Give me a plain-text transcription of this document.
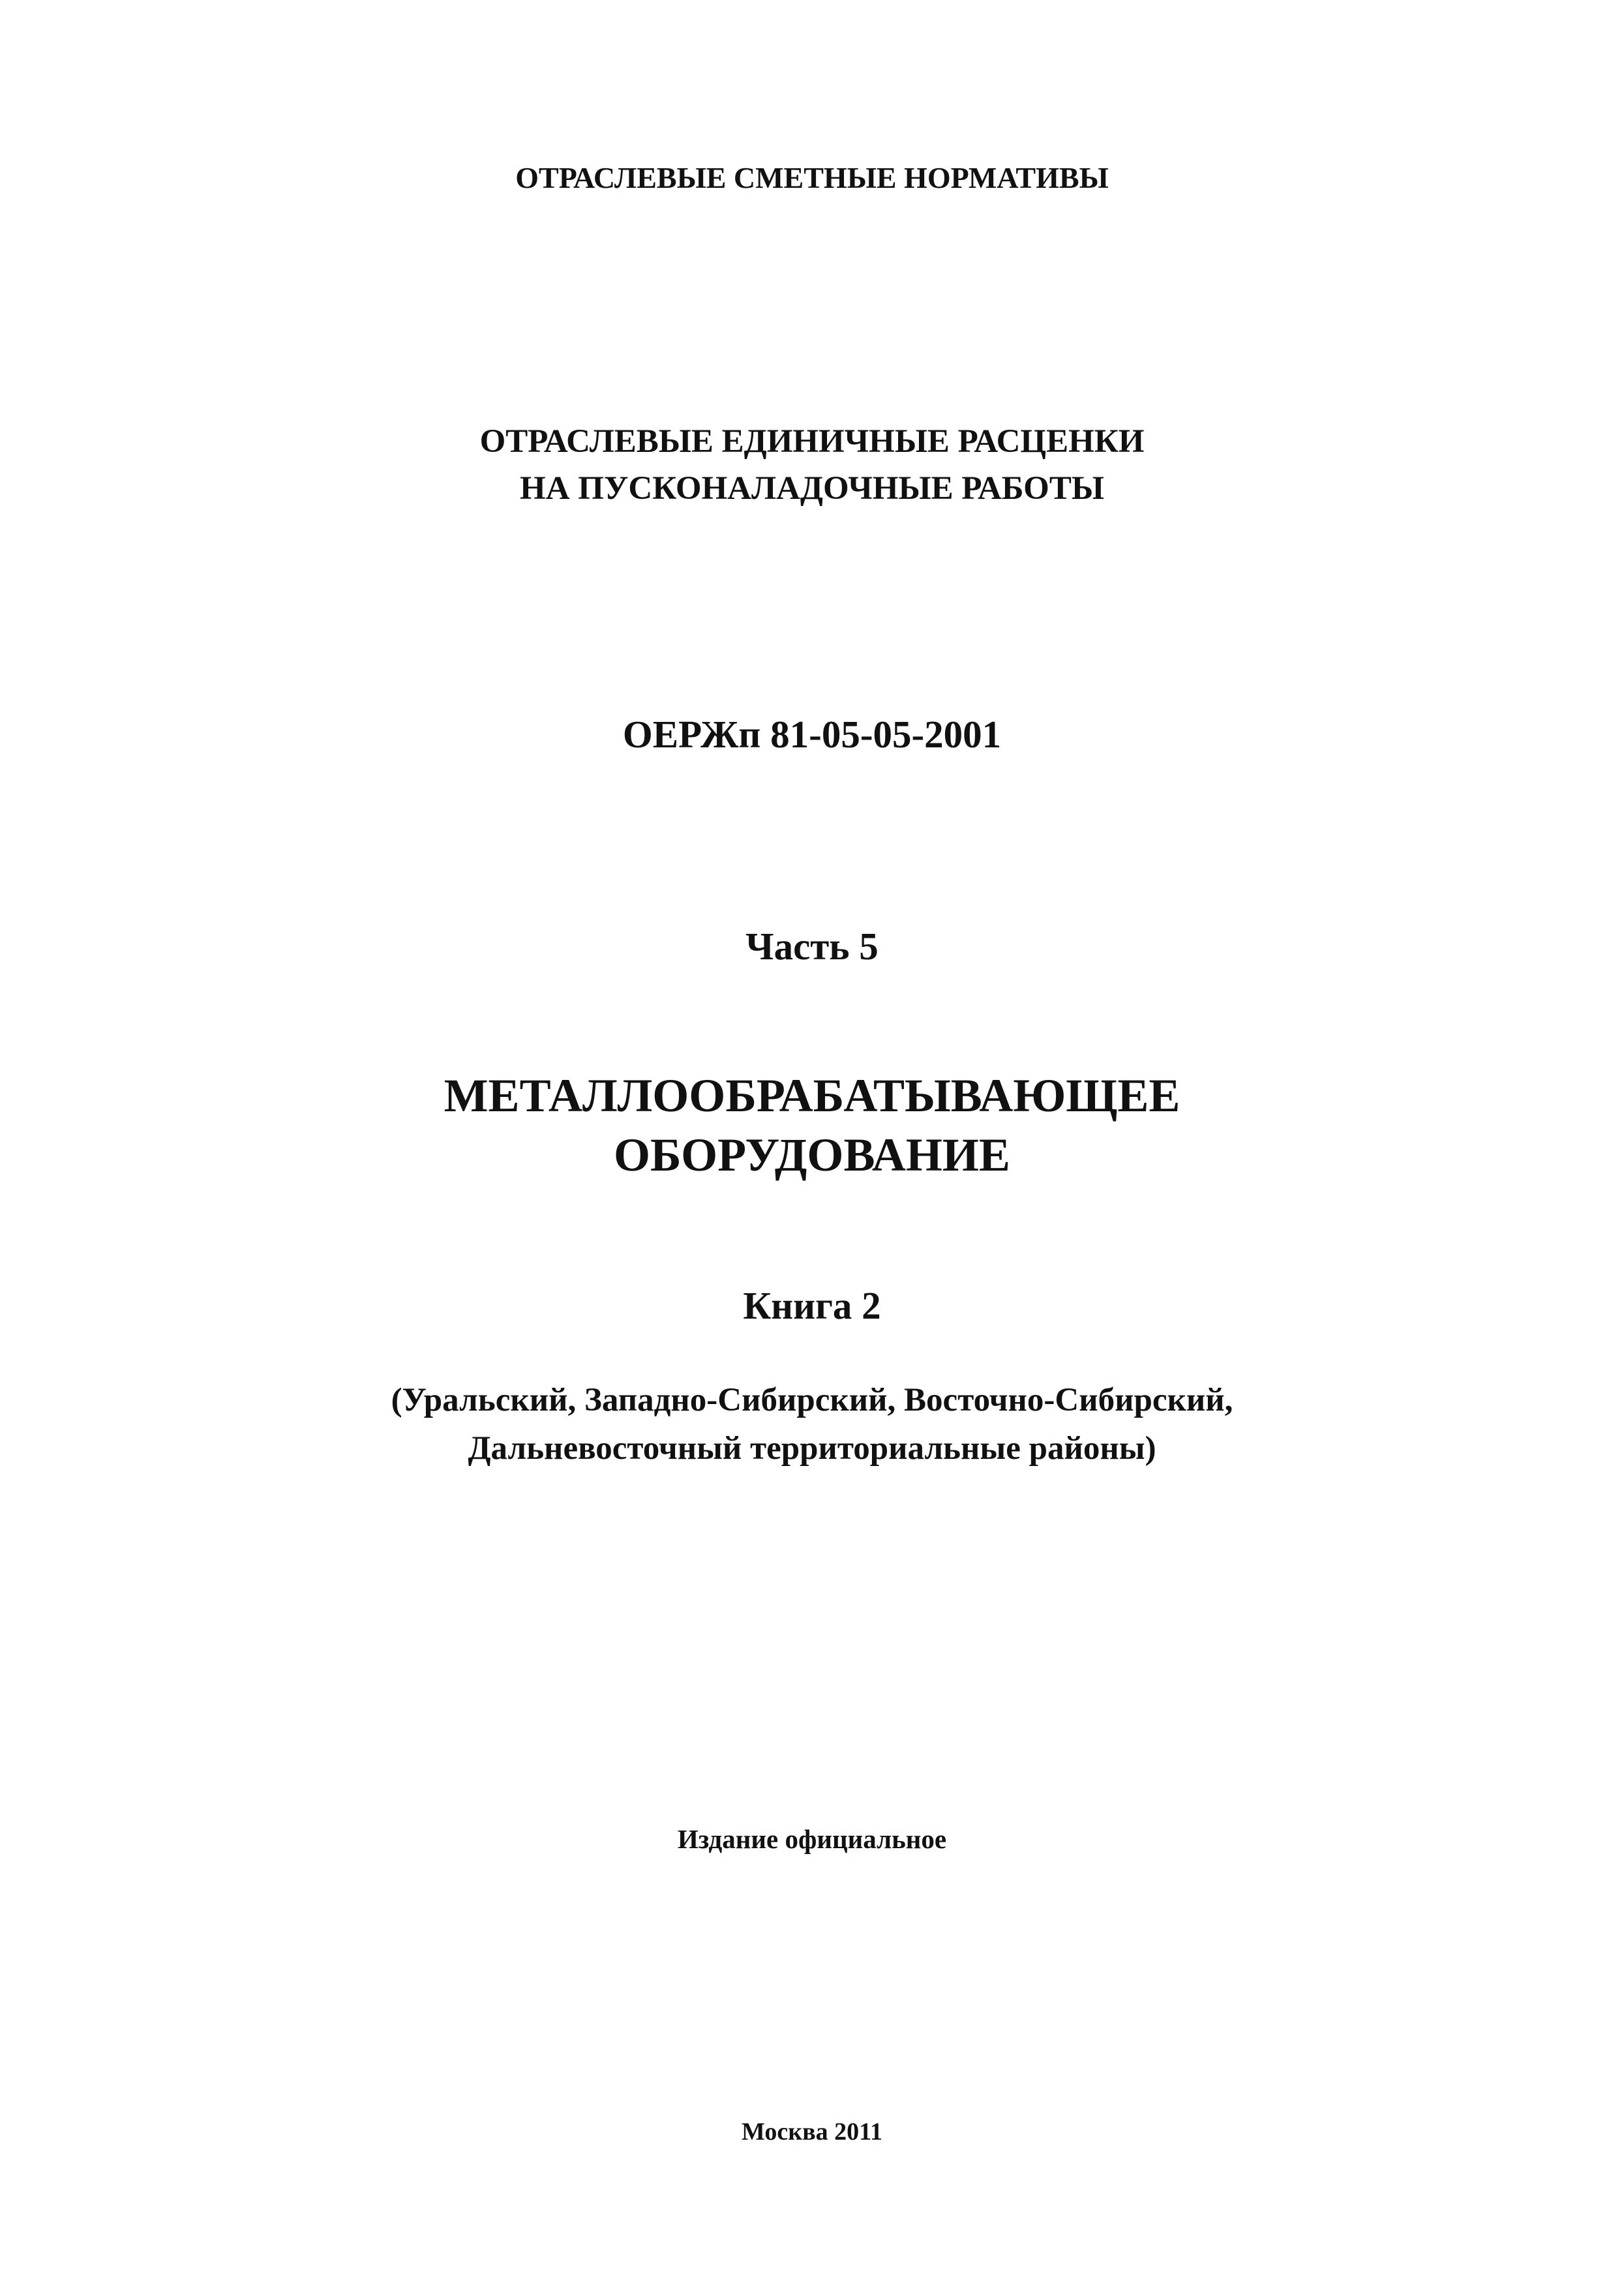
ОТРАСЛЕВЫЕ СМЕТНЫЕ НОРМАТИВЫ
ОТРАСЛЕВЫЕ ЕДИНИЧНЫЕ РАСЦЕНКИ
НА ПУСКОНАЛАДОЧНЫЕ РАБОТЫ
ОЕРЖп 81-05-05-2001
Часть 5
МЕТАЛЛООБРАБАТЫВАЮЩЕЕ
ОБОРУДОВАНИЕ
Книга 2
(Уральский, Западно-Сибирский, Восточно-Сибирский,
Дальневосточный территориальные районы)
Издание официальное
Москва 2011
